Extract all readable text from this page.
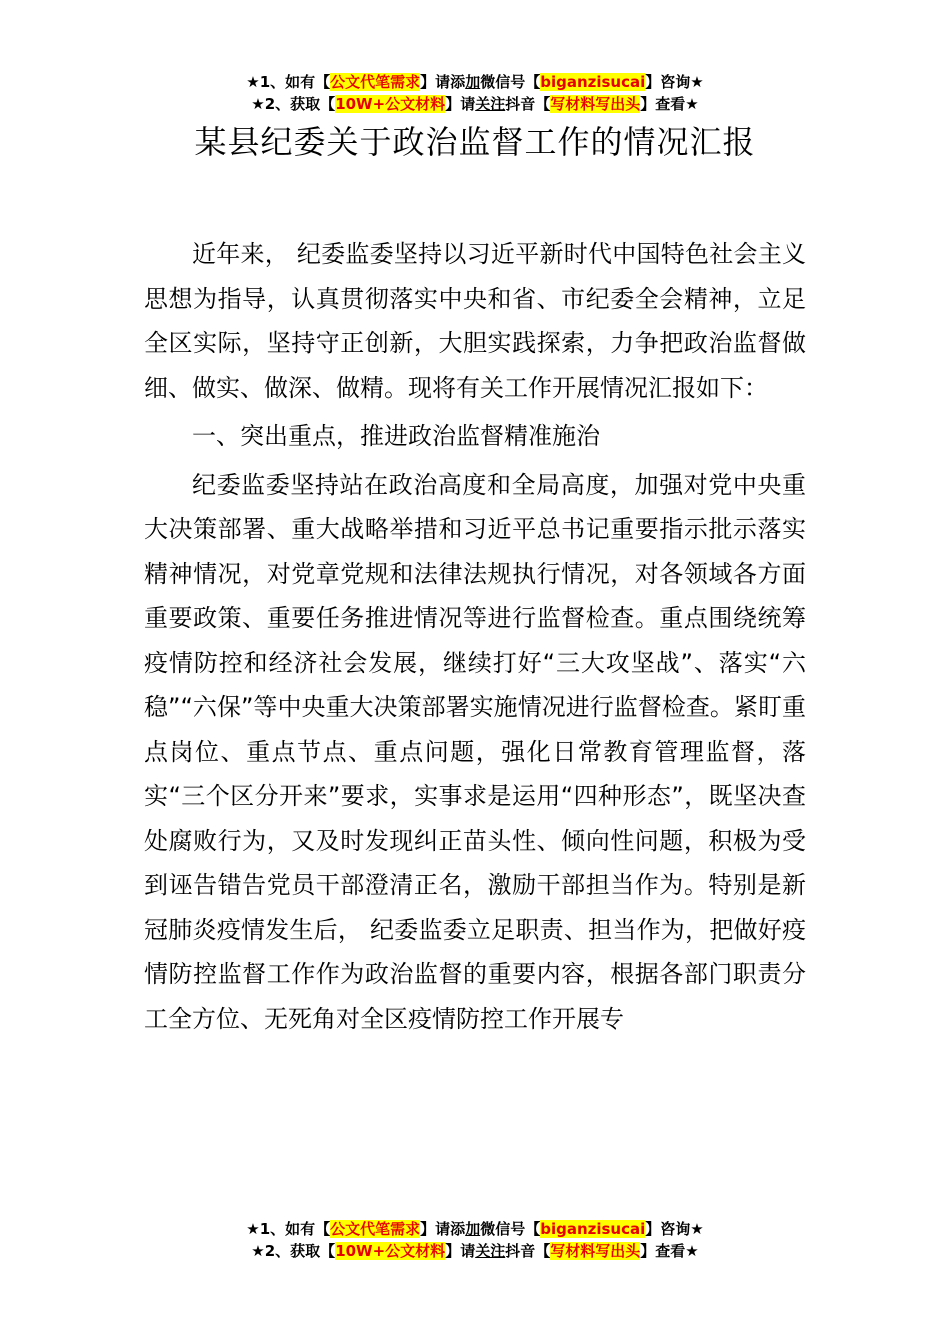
★1、如有【公文代笔需求】请添加微信号【biganzisucai】咨询★
★2、获取【10W+公文材料】请关注抖音【写材料写出头】查看★
某县纪委关于政治监督工作的情况汇报

近年来， 纪委监委坚持以习近平新时代中国特色社会主义思想为指导，认真贯彻落实中央和省、市纪委全会精神，立足全区实际，坚持守正创新，大胆实践探索，力争把政治监督做细、做实、做深、做精。现将有关工作开展情况汇报如下：

一、突出重点，推进政治监督精准施治

纪委监委坚持站在政治高度和全局高度，加强对党中央重大决策部署、重大战略举措和习近平总书记重要指示批示落实精神情况，对党章党规和法律法规执行情况，对各领域各方面重要政策、重要任务推进情况等进行监督检查。重点围绕统筹疫情防控和经济社会发展，继续打好“三大攻坚战”、落实“六稳”“六保”等中央重大决策部署实施情况进行监督检查。紧盯重点岗位、重点节点、重点问题，强化日常教育管理监督，落实“三个区分开来”要求，实事求是运用“四种形态”，既坚决查处腐败行为，又及时发现纠正苗头性、倾向性问题，积极为受到诬告错告党员干部澄清正名，激励干部担当作为。特别是新冠肺炎疫情发生后， 纪委监委立足职责、担当作为，把做好疫情防控监督工作作为政治监督的重要内容，根据各部门职责分工全方位、无死角对全区疫情防控工作开展专

★1、如有【公文代笔需求】请添加微信号【biganzisucai】咨询★
★2、获取【10W+公文材料】请关注抖音【写材料写出头】查看★
